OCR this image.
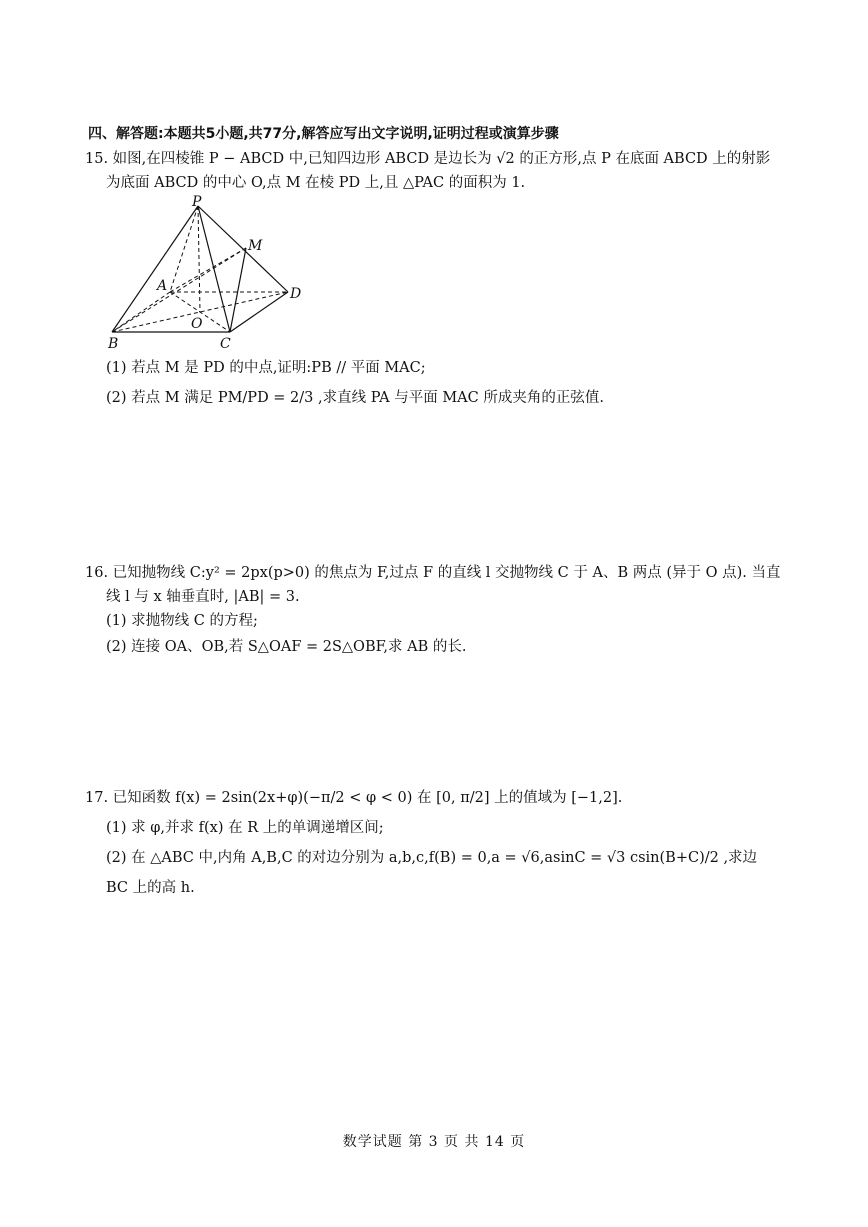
四、解答题:本题共5小题,共77分,解答应写出文字说明,证明过程或演算步骤
15. 如图,在四棱锥 P − ABCD 中,已知四边形 ABCD 是边长为 √2 的正方形,点 P 在底面 ABCD 上的射影
为底面 ABCD 的中心 O,点 M 在棱 PD 上,且 △PAC 的面积为 1.
P
M
A	D
O
B	C
(1) 若点 M 是 PD 的中点,证明:PB // 平面 MAC;
(2) 若点 M 满足 PM/PD = 2/3 ,求直线 PA 与平面 MAC 所成夹角的正弦值.
16. 已知抛物线 C:y² = 2px(p>0) 的焦点为 F,过点 F 的直线 l 交抛物线 C 于 A、B 两点 (异于 O 点). 当直
线 l 与 x 轴垂直时, |AB| = 3.
(1) 求抛物线 C 的方程;
(2) 连接 OA、OB,若 S△OAF = 2S△OBF,求 AB 的长.
17. 已知函数 f(x) = 2sin(2x+φ)(−π/2 < φ < 0) 在 [0, π/2] 上的值域为 [−1,2].
(1) 求 φ,并求 f(x) 在 R 上的单调递增区间;
(2) 在 △ABC 中,内角 A,B,C 的对边分别为 a,b,c,f(B) = 0,a = √6,asinC = √3 csin(B+C)/2 ,求边
BC 上的高 h.
数学试题 第 3 页 共 14 页
